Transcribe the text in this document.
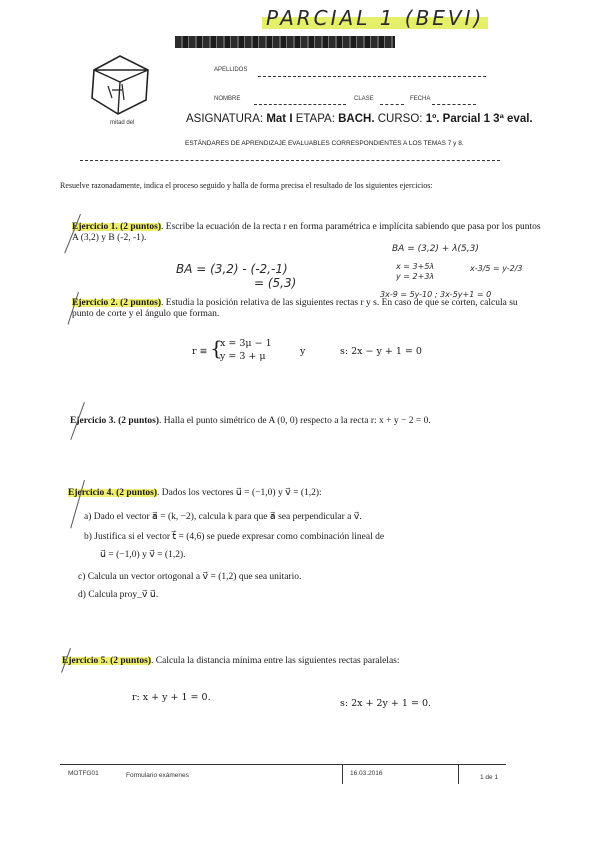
PARCIAL 1 (BEVI)
mitad del
APELLIDOS
NOMBRE	CLASE	FECHA
ASIGNATURA: Mat I ETAPA: BACH. CURSO: 1º. Parcial 1 3ª eval.
ESTÁNDARES DE APRENDIZAJE EVALUABLES CORRESPONDIENTES A LOS TEMAS 7 y 8.
Resuelve razonadamente, indica el proceso seguido y halla de forma precisa el resultado de los siguientes ejercicios:
Ejercicio 1. (2 puntos). Escribe la ecuación de la recta r en forma paramétrica e implícita sabiendo que pasa por los puntos A (3,2) y B (-2, -1).
BA = (3,2) - (-2,-1)
= (5,3)
BA = (3,2) + λ(5,3)
x = 3+5λ
y = 2+3λ
x-3/5 = y-2/3
3x-9 = 5y-10 ; 3x-5y+1 = 0
Ejercicio 2. (2 puntos). Estudia la posición relativa de las siguientes rectas r y s. En caso de que se corten, calcula su punto de corte y el ángulo que forman.
r ≡ {
x = 3μ − 1
y = 3 + μ	y	s: 2x − y + 1 = 0
Ejercicio 3. (2 puntos). Halla el punto simétrico de A (0, 0) respecto a la recta r: x + y − 2 = 0.
Ejercicio 4. (2 puntos). Dados los vectores u⃗ = (−1,0) y v⃗ = (1,2):
a) Dado el vector a⃗ = (k, −2), calcula k para que a⃗ sea perpendicular a v⃗.
b) Justifica si el vector t⃗ = (4,6) se puede expresar como combinación lineal de
u⃗ = (−1,0) y v⃗ = (1,2).
c) Calcula un vector ortogonal a v⃗ = (1,2) que sea unitario.
d) Calcula proy_v⃗ u⃗.
Ejercicio 5. (2 puntos). Calcula la distancia mínima entre las siguientes rectas paralelas:
r: x + y + 1 = 0.
s: 2x + 2y + 1 = 0.
MOTFG01	Formulario exámenes	16.03.2016
1 de 1
